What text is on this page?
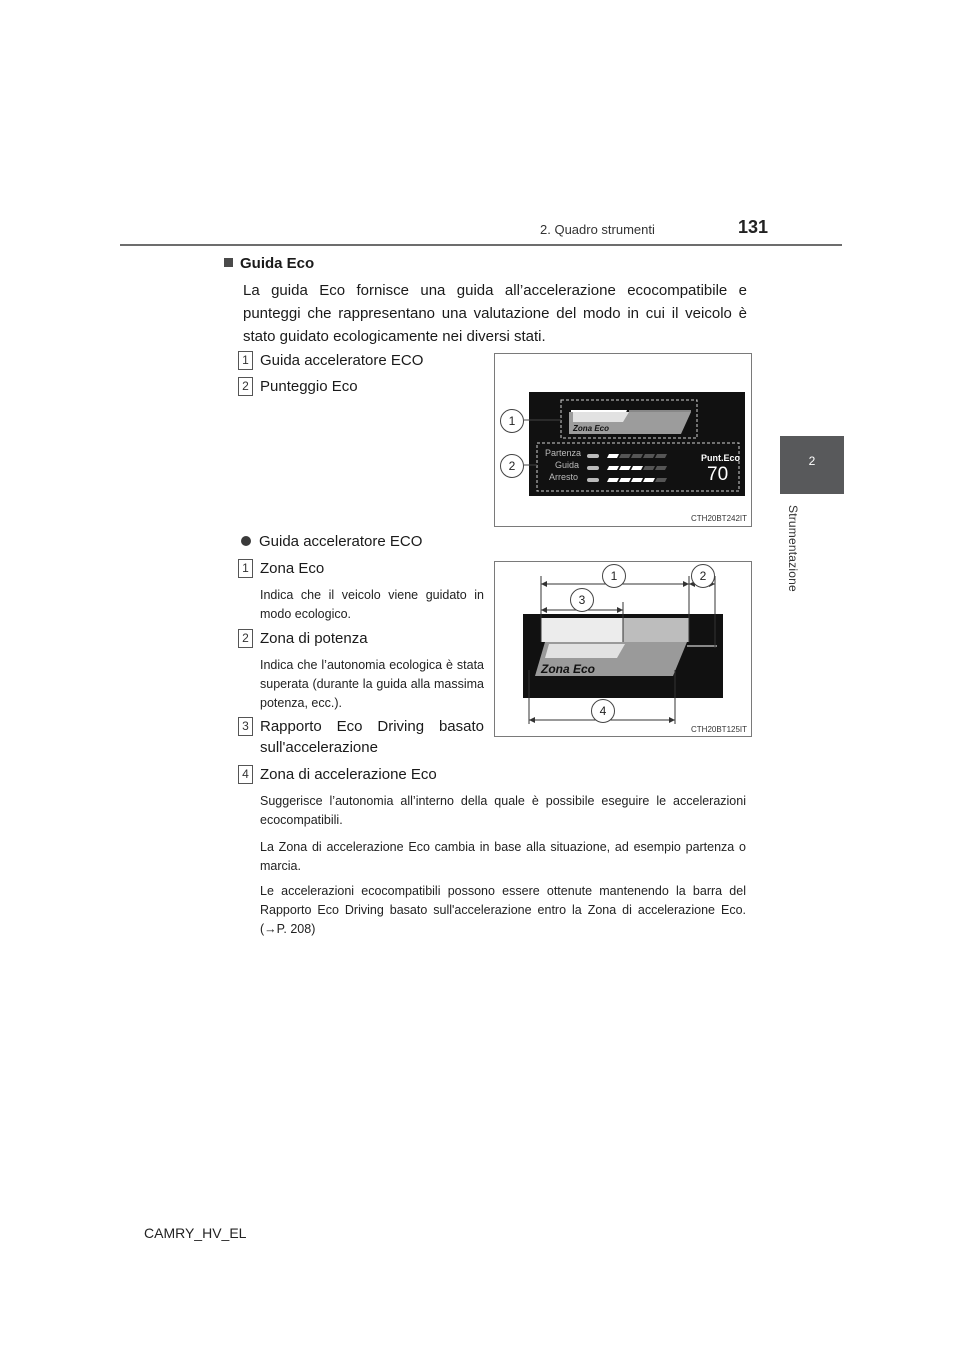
2. Quadro strumenti	131
2
Strumentazione
Guida Eco
La guida Eco fornisce una guida all’accelerazione ecocompatibile e punteggi che rappresentano una valutazione del modo in cui il veicolo è stato guidato ecologicamente nei diversi stati.
1 Guida acceleratore ECO
2 Punteggio Eco
Zona Eco
Partenza
Guida
Arresto
Punt.Eco
70
1
2
CTH20BT242IT
Guida acceleratore ECO
1 Zona Eco
Indica che il veicolo viene guidato in modo ecologico.
2 Zona di potenza
Indica che l’autonomia ecologica è stata superata (durante la guida alla massima potenza, ecc.).
3 Rapporto Eco Driving basato sull'accelerazione
4 Zona di accelerazione Eco
Suggerisce l’autonomia all’interno della quale è possibile eseguire le accelerazioni ecocompatibili.
La Zona di accelerazione Eco cambia in base alla situazione, ad esempio partenza o marcia.
Le accelerazioni ecocompatibili possono essere ottenute mantenendo la barra del Rapporto Eco Driving basato sull'accelerazione entro la Zona di accelerazione Eco. (→P. 208)
Zona Eco
1	2
3
4
CTH20BT125IT
CAMRY_HV_EL
